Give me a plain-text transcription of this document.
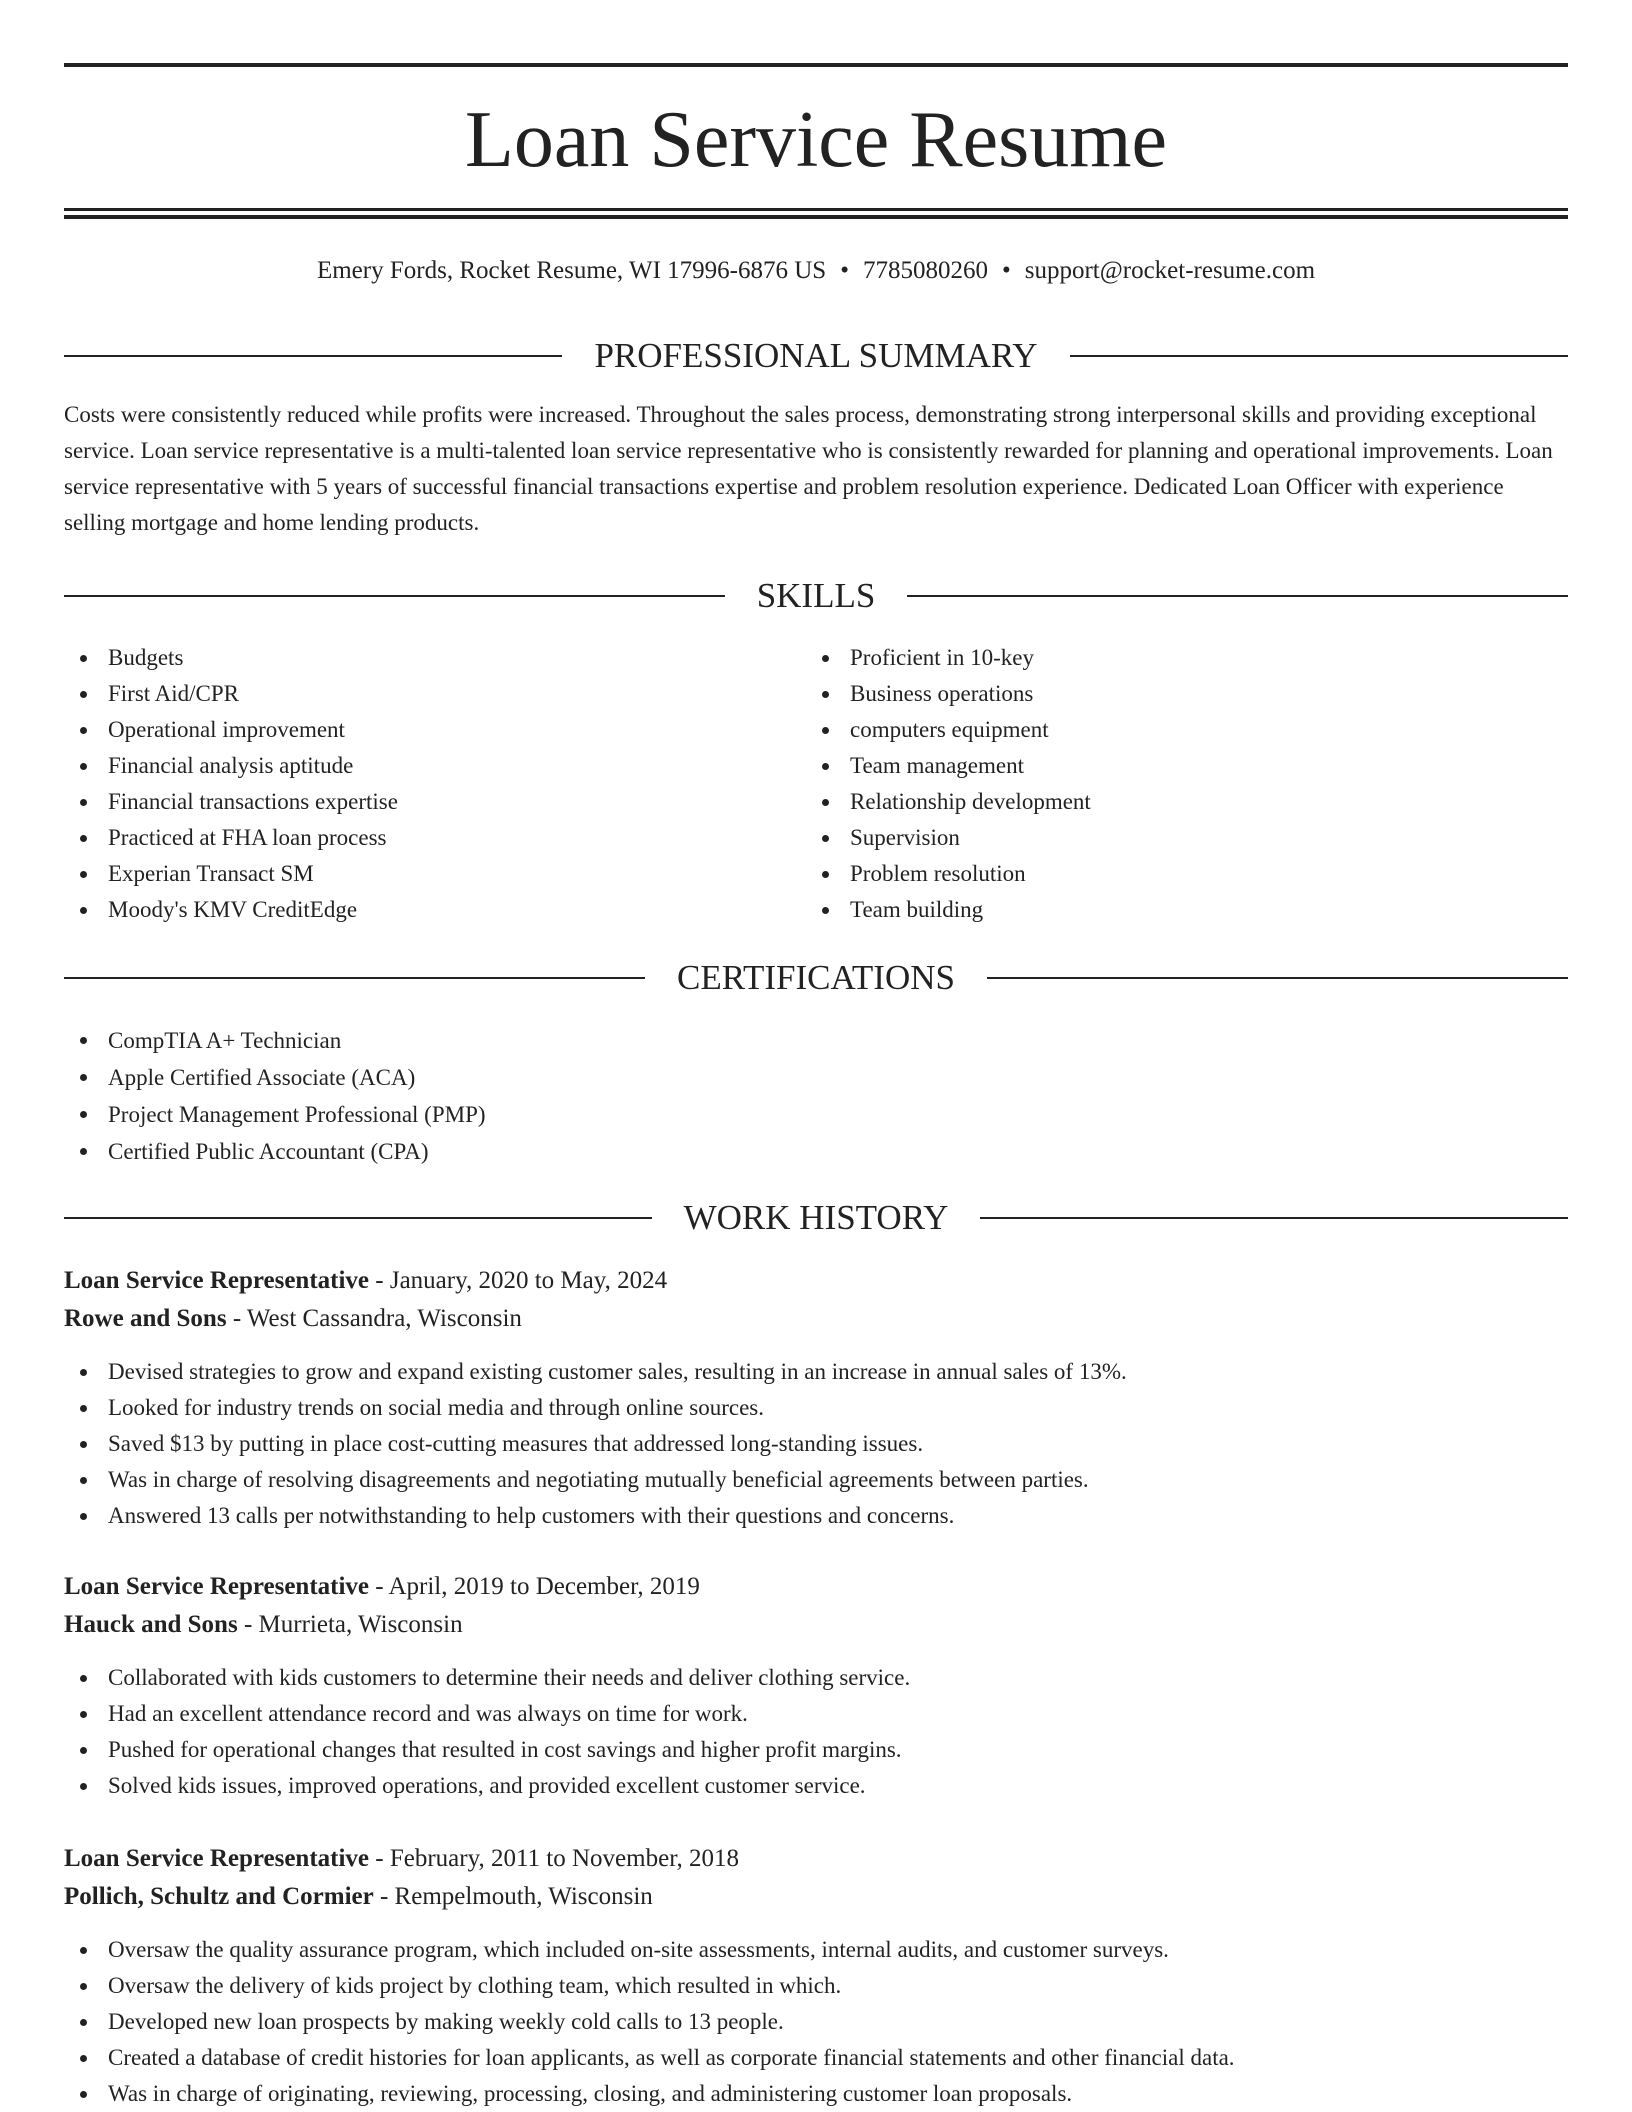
Loan Service Resume
Emery Fords, Rocket Resume, WI 17996-6876 US • 7785080260 • support@rocket-resume.com
PROFESSIONAL SUMMARY

Costs were consistently reduced while profits were increased. Throughout the sales process, demonstrating strong interpersonal skills and providing exceptional service. Loan service representative is a multi-talented loan service representative who is consistently rewarded for planning and operational improvements. Loan service representative with 5 years of successful financial transactions expertise and problem resolution experience. Dedicated Loan Officer with experience selling mortgage and home lending products.

SKILLS
Budgets
First Aid/CPR
Operational improvement
Financial analysis aptitude
Financial transactions expertise
Practiced at FHA loan process
Experian Transact SM
Moody's KMV CreditEdge
Proficient in 10-key
Business operations
computers equipment
Team management
Relationship development
Supervision
Problem resolution
Team building
CERTIFICATIONS
CompTIA A+ Technician
Apple Certified Associate (ACA)
Project Management Professional (PMP)
Certified Public Accountant (CPA)
WORK HISTORY
Loan Service Representative - January, 2020 to May, 2024
Rowe and Sons - West Cassandra, Wisconsin
Devised strategies to grow and expand existing customer sales, resulting in an increase in annual sales of 13%.
Looked for industry trends on social media and through online sources.
Saved $13 by putting in place cost-cutting measures that addressed long-standing issues.
Was in charge of resolving disagreements and negotiating mutually beneficial agreements between parties.
Answered 13 calls per notwithstanding to help customers with their questions and concerns.
Loan Service Representative - April, 2019 to December, 2019
Hauck and Sons - Murrieta, Wisconsin
Collaborated with kids customers to determine their needs and deliver clothing service.
Had an excellent attendance record and was always on time for work.
Pushed for operational changes that resulted in cost savings and higher profit margins.
Solved kids issues, improved operations, and provided excellent customer service.
Loan Service Representative - February, 2011 to November, 2018
Pollich, Schultz and Cormier - Rempelmouth, Wisconsin
Oversaw the quality assurance program, which included on-site assessments, internal audits, and customer surveys.
Oversaw the delivery of kids project by clothing team, which resulted in which.
Developed new loan prospects by making weekly cold calls to 13 people.
Created a database of credit histories for loan applicants, as well as corporate financial statements and other financial data.
Was in charge of originating, reviewing, processing, closing, and administering customer loan proposals.
